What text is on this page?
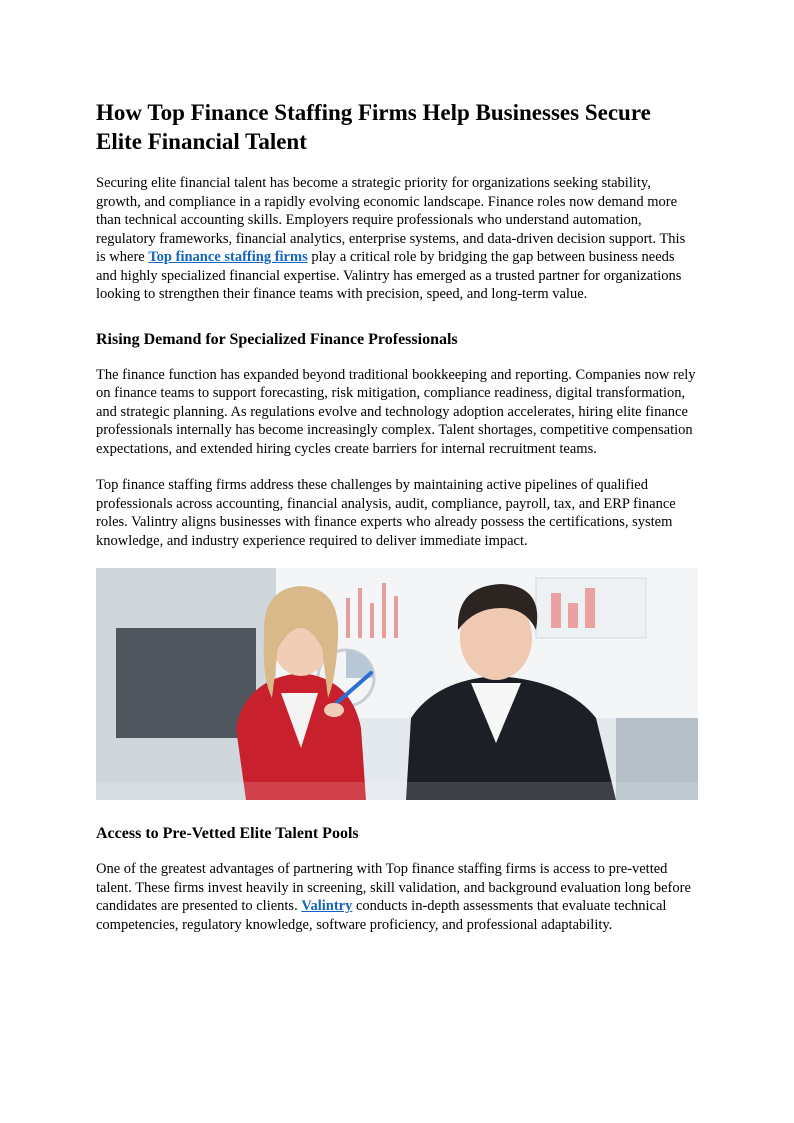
How Top Finance Staffing Firms Help Businesses Secure Elite Financial Talent

Securing elite financial talent has become a strategic priority for organizations seeking stability, growth, and compliance in a rapidly evolving economic landscape. Finance roles now demand more than technical accounting skills. Employers require professionals who understand automation, regulatory frameworks, financial analytics, enterprise systems, and data-driven decision support. This is where Top finance staffing firms play a critical role by bridging the gap between business needs and highly specialized financial expertise. Valintry has emerged as a trusted partner for organizations looking to strengthen their finance teams with precision, speed, and long-term value.

Rising Demand for Specialized Finance Professionals

The finance function has expanded beyond traditional bookkeeping and reporting. Companies now rely on finance teams to support forecasting, risk mitigation, compliance readiness, digital transformation, and strategic planning. As regulations evolve and technology adoption accelerates, hiring elite finance professionals internally has become increasingly complex. Talent shortages, competitive compensation expectations, and extended hiring cycles create barriers for internal recruitment teams.

Top finance staffing firms address these challenges by maintaining active pipelines of qualified professionals across accounting, financial analysis, audit, compliance, payroll, tax, and ERP finance roles. Valintry aligns businesses with finance experts who already possess the certifications, system knowledge, and industry experience required to deliver immediate impact.

Access to Pre-Vetted Elite Talent Pools

One of the greatest advantages of partnering with Top finance staffing firms is access to pre-vetted talent. These firms invest heavily in screening, skill validation, and background evaluation long before candidates are presented to clients. Valintry conducts in-depth assessments that evaluate technical competencies, regulatory knowledge, software proficiency, and professional adaptability.
